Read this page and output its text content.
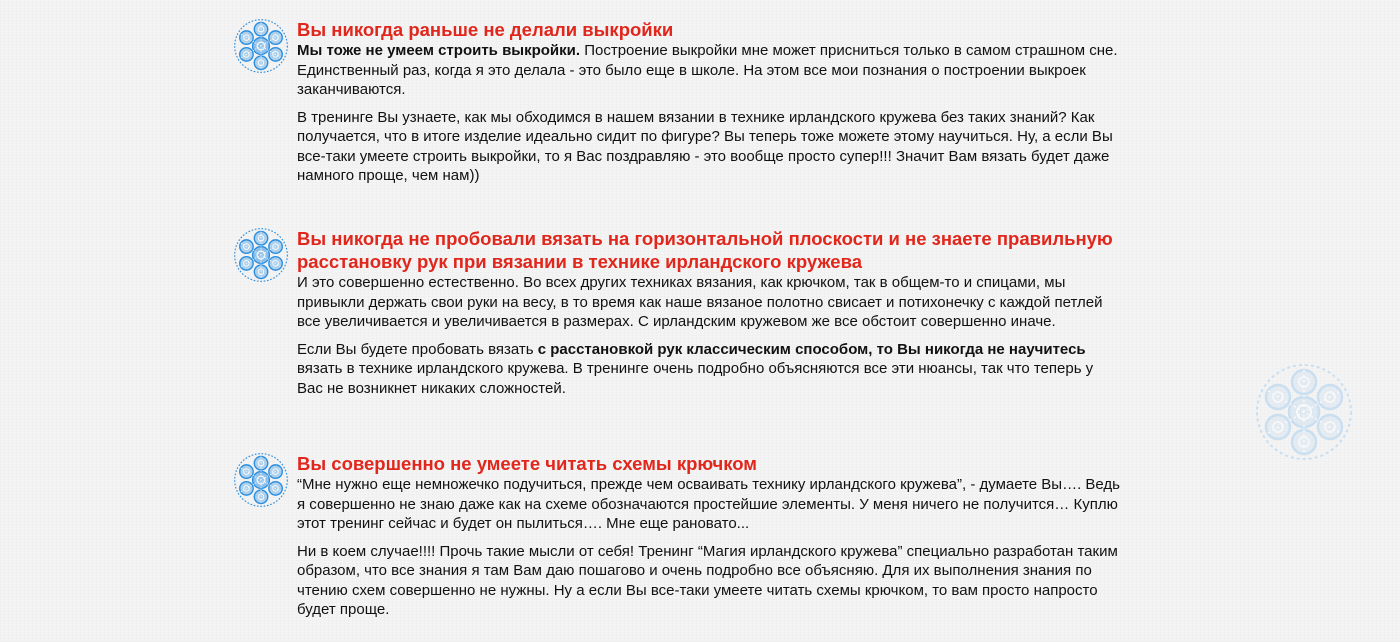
Вы никогда раньше не делали выкройки

Мы тоже не умеем строить выкройки. Построение выкройки мне может присниться только в самом страшном сне. Единственный раз, когда я это делала - это было еще в школе. На этом все мои познания о построении выкроек заканчиваются.

В тренинге Вы узнаете, как мы обходимся в нашем вязании в технике ирландского кружева без таких знаний? Как получается, что в итоге изделие идеально сидит по фигуре? Вы теперь тоже можете этому научиться. Ну, а если Вы все-таки умеете строить выкройки, то я Вас поздравляю - это вообще просто супер!!! Значит Вам вязать будет даже намного проще, чем нам))

Вы никогда не пробовали вязать на горизонтальной плоскости и не знаете правильную расстановку рук при вязании в технике ирландского кружева

И это совершенно естественно. Во всех других техниках вязания, как крючком, так в общем-то и спицами, мы привыкли держать свои руки на весу, в то время как наше вязаное полотно свисает и потихонечку с каждой петлей все увеличивается и увеличивается в размерах. С ирландским кружевом же все обстоит совершенно иначе.

Если Вы будете пробовать вязать с расстановкой рук классическим способом, то Вы никогда не научитесь вязать в технике ирландского кружева. В тренинге очень подробно объясняются все эти нюансы, так что теперь у Вас не возникнет никаких сложностей.

Вы совершенно не умеете читать схемы крючком

“Мне нужно еще немножечко подучиться, прежде чем осваивать технику ирландского кружева”, - думаете Вы…. Ведь я совершенно не знаю даже как на схеме обозначаются простейшие элементы. У меня ничего не получится… Куплю этот тренинг сейчас и будет он пылиться…. Мне еще рановато...

Ни в коем случае!!!! Прочь такие мысли от себя! Тренинг “Магия ирландского кружева” специально разработан таким образом, что все знания я там Вам даю пошагово и очень подробно все объясняю. Для их выполнения знания по чтению схем совершенно не нужны. Ну а если Вы все-таки умеете читать схемы крючком, то вам просто напросто будет проще.
